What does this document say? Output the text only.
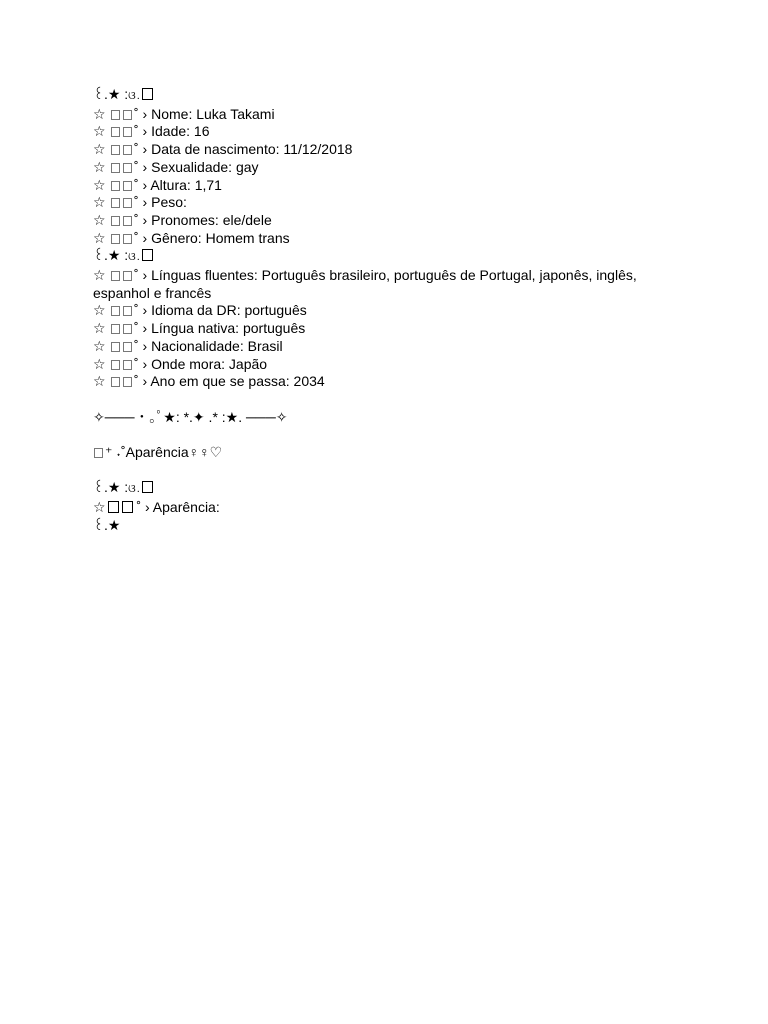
꒰.★ :ଓ.
☆ ˚ › Nome: Luka Takami
☆ ˚ › Idade: 16
☆ ˚ › Data de nascimento: 11/12/2018
☆ ˚ › Sexualidade: gay
☆ ˚ › Altura: 1,71
☆ ˚ › Peso:
☆ ˚ › Pronomes: ele/dele
☆ ˚ › Gênero: Homem trans
꒰.★ :ଓ.
☆ ˚ › Línguas fluentes: Português brasileiro, português de Portugal, japonês, inglês, espanhol e francês
☆ ˚ › Idioma da DR: português
☆ ˚ › Língua nativa: português
☆ ˚ › Nacionalidade: Brasil
☆ ˚ › Onde mora: Japão
☆ ˚ › Ano em que se passa: 2034
✧─── ･ ｡ﾟ★: *.✦ .* :★. ───✧
⁺ ˖˚Aparência♀♀♡
꒰.★ :ଓ.
☆ ˚ › Aparência:
꒰.★
